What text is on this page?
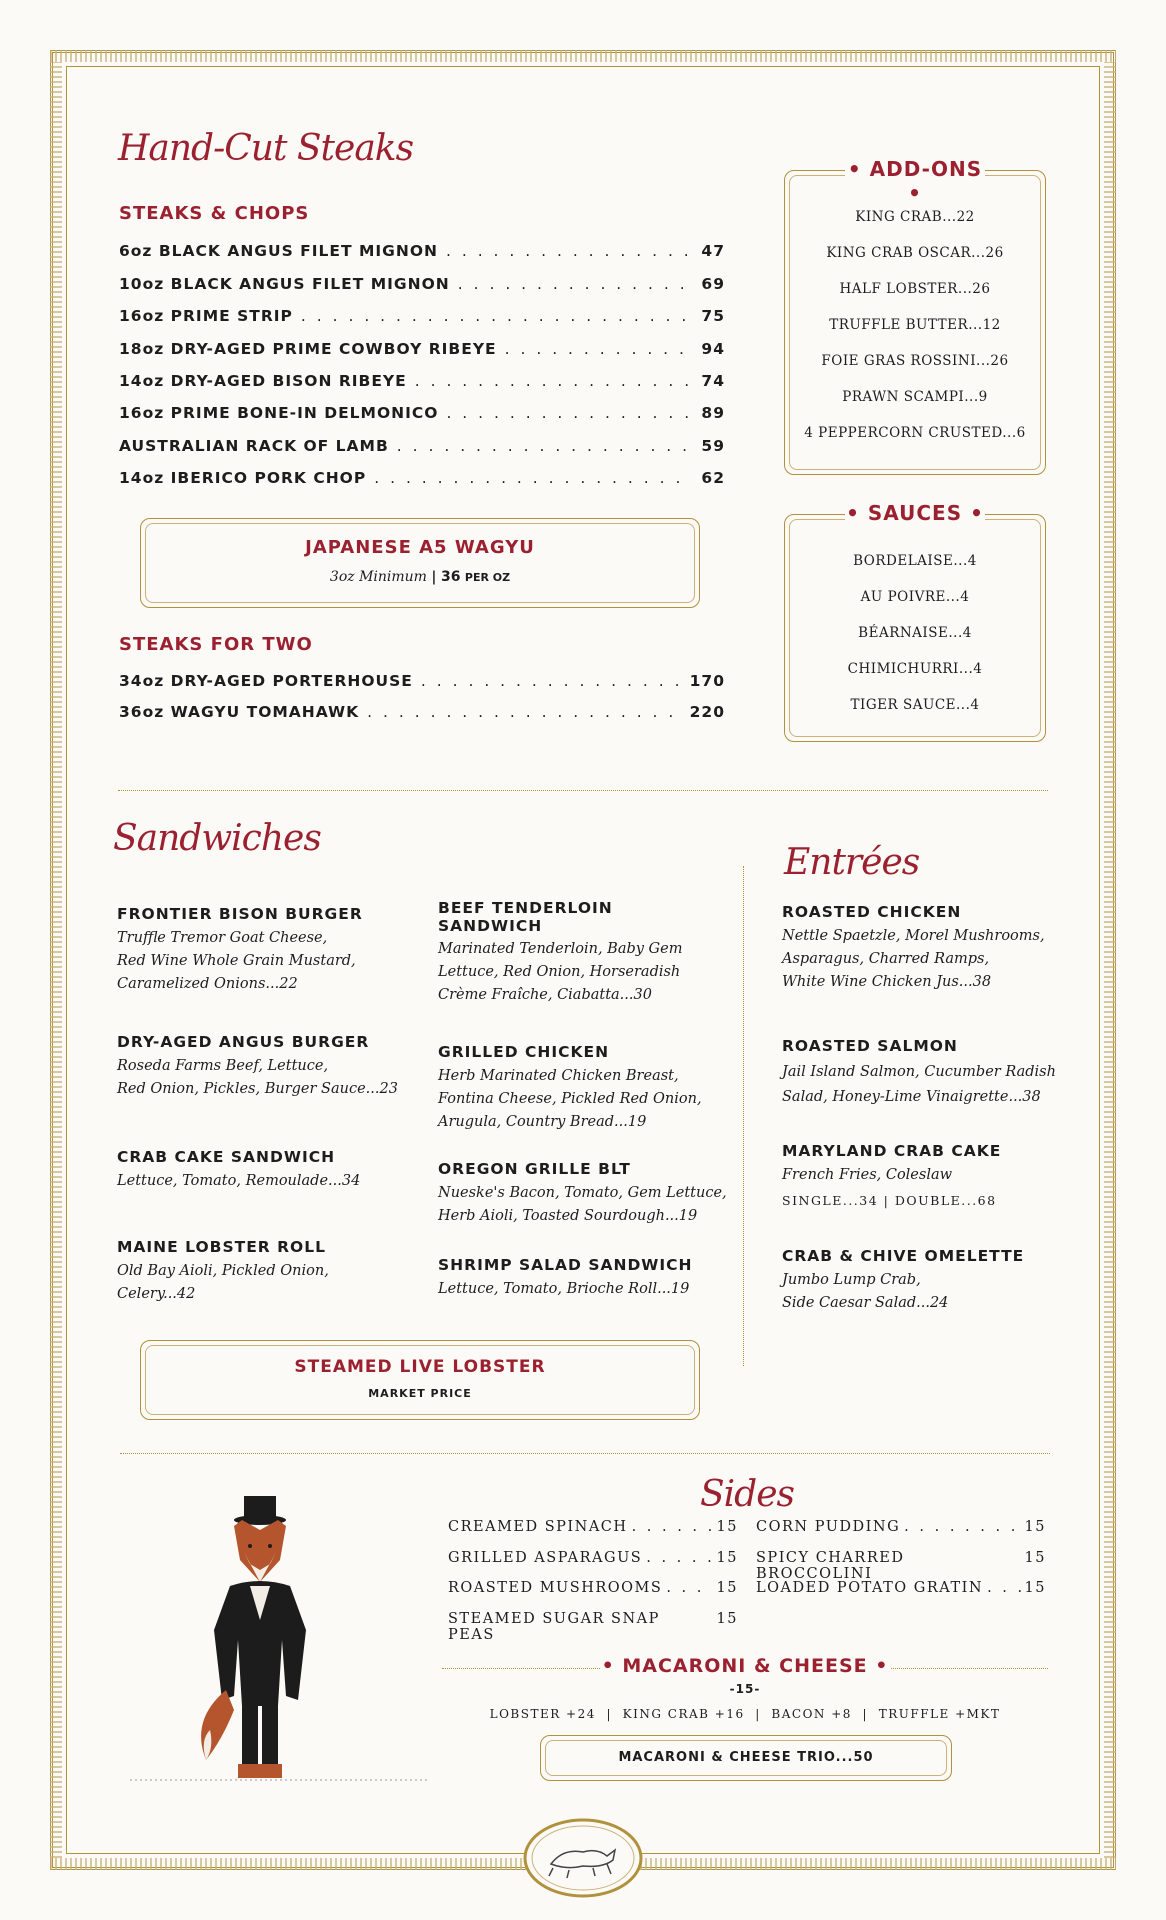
Hand-Cut Steaks
STEAKS & CHOPS
6oz BLACK ANGUS FILET MIGNON . . .	47
10oz BLACK ANGUS FILET MIGNON . . .	69
16oz PRIME STRIP . . .	75
18oz DRY-AGED PRIME COWBOY RIBEYE . . .	94
14oz DRY-AGED BISON RIBEYE . . .	74
16oz PRIME BONE-IN DELMONICO . . .	89
AUSTRALIAN RACK OF LAMB . . .	59
14oz IBERICO PORK CHOP . . .	62
JAPANESE A5 WAGYU
3oz Minimum | 36 PER OZ
STEAKS FOR TWO
34oz DRY-AGED PORTERHOUSE . . .	170
36oz WAGYU TOMAHAWK . . .	220
• ADD-ONS •
KING CRAB...22
KING CRAB OSCAR...26
HALF LOBSTER...26
TRUFFLE BUTTER...12
FOIE GRAS ROSSINI...26
PRAWN SCAMPI...9
4 PEPPERCORN CRUSTED...6
• SAUCES •
BORDELAISE...4
AU POIVRE...4
BÉARNAISE...4
CHIMICHURRI...4
TIGER SAUCE...4
Sandwiches
FRONTIER BISON BURGER
Truffle Tremor Goat Cheese,
Red Wine Whole Grain Mustard,
Caramelized Onions...22
DRY-AGED ANGUS BURGER
Roseda Farms Beef, Lettuce,
Red Onion, Pickles, Burger Sauce...23
CRAB CAKE SANDWICH
Lettuce, Tomato, Remoulade...34
MAINE LOBSTER ROLL
Old Bay Aioli, Pickled Onion,
Celery...42
BEEF TENDERLOIN
SANDWICH
Marinated Tenderloin, Baby Gem
Lettuce, Red Onion, Horseradish
Crème Fraîche, Ciabatta...30
GRILLED CHICKEN
Herb Marinated Chicken Breast,
Fontina Cheese, Pickled Red Onion,
Arugula, Country Bread...19
OREGON GRILLE BLT
Nueske's Bacon, Tomato, Gem Lettuce,
Herb Aioli, Toasted Sourdough...19
SHRIMP SALAD SANDWICH
Lettuce, Tomato, Brioche Roll...19
STEAMED LIVE LOBSTER
MARKET PRICE
Entrées
ROASTED CHICKEN
Nettle Spaetzle, Morel Mushrooms,
Asparagus, Charred Ramps,
White Wine Chicken Jus...38
ROASTED SALMON
Jail Island Salmon, Cucumber Radish
Salad, Honey-Lime Vinaigrette...38
MARYLAND CRAB CAKE
French Fries, Coleslaw
SINGLE...34 | DOUBLE...68
CRAB & CHIVE OMELETTE
Jumbo Lump Crab,
Side Caesar Salad...24
Sides
CREAMED SPINACH . . .	15
GRILLED ASPARAGUS . . .	15
ROASTED MUSHROOMS . . .	15
STEAMED SUGAR SNAP PEAS
15
CORN PUDDING . . .	15
SPICY CHARRED BROCCOLINI
15
LOADED POTATO GRATIN . . .	15
• MACARONI & CHEESE •
-15-
LOBSTER +24  |  KING CRAB +16  |  BACON +8  |  TRUFFLE +MKT
MACARONI & CHEESE TRIO...50
